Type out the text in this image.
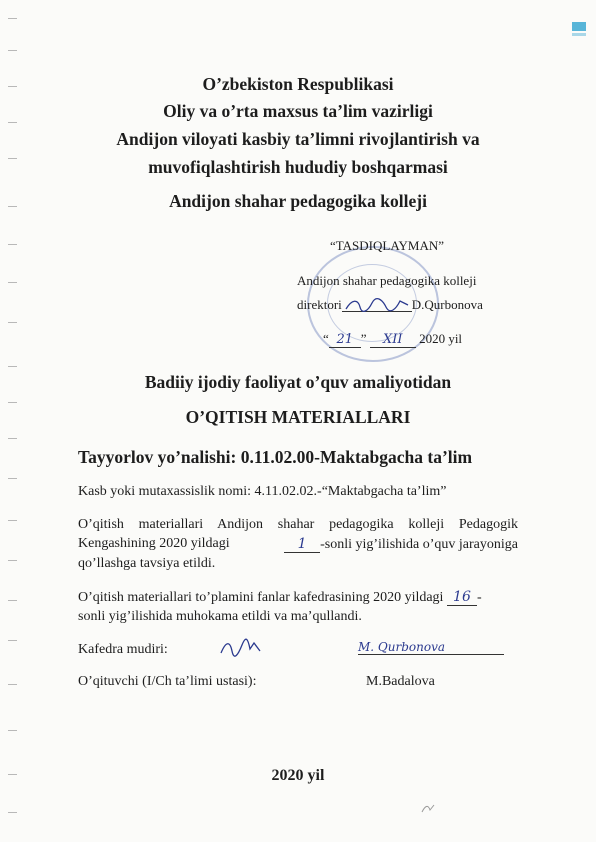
O’zbekiston Respublikasi
Oliy va o’rta maxsus ta’lim vazirligi
Andijon viloyati kasbiy ta’limni rivojlantirish va
muvofiqlashtirish hududiy boshqarmasi
Andijon shahar pedagogika kolleji
“TASDIQLAYMAN”
Andijon shahar pedagogika kolleji
direktori	D.Qurbonova
“ 21 ” XII 2020 yil
Badiiy ijodiy faoliyat o’quv amaliyotidan
O’QITISH MATERIALLARI
Tayyorlov yo’nalishi: 0.11.02.00-Maktabgacha ta’lim
Kasb yoki mutaxassislik nomi: 4.11.02.02.-“Maktabgacha ta’lim”
O’qitish materiallari Andijon shahar pedagogika kolleji Pedagogik
Kengashining 2020 yildagi	1 -sonli yig’ilishida o’quv jarayoniga
qo’llashga tavsiya etildi.
O’qitish materiallari to’plamini fanlar kafedrasining 2020 yildagi 16 -
sonli yig’ilishida muhokama etildi va ma’qullandi.
Kafedra mudiri:	M. Qurbonova
O’qituvchi (I/Ch ta’limi ustasi):	M.Badalova
2020 yil
